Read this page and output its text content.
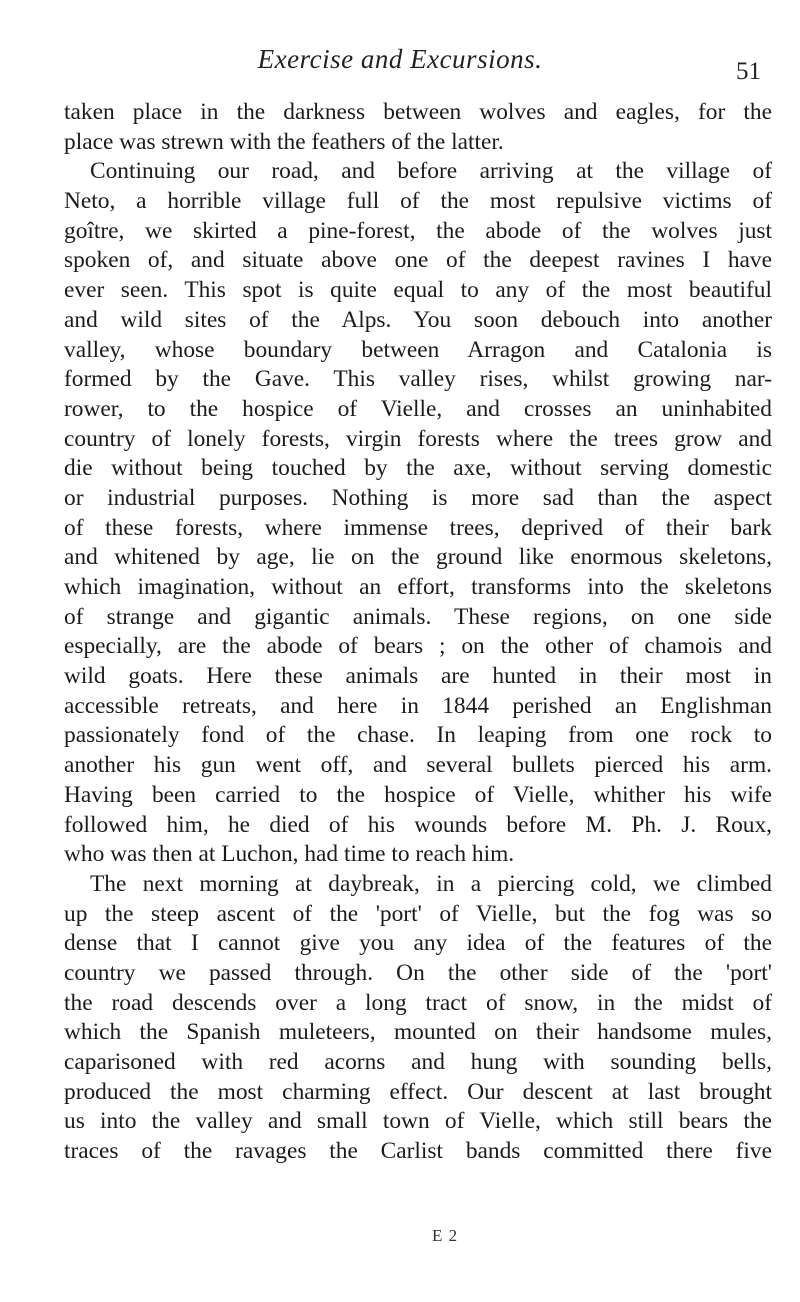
Exercise and Excursions.	51
taken place in the darkness between wolves and eagles, for the
place was strewn with the feathers of the latter.
Continuing our road, and before arriving at the village of
Neto, a horrible village full of the most repulsive victims of
goître, we skirted a pine-forest, the abode of the wolves just
spoken of, and situate above one of the deepest ravines I have
ever seen. This spot is quite equal to any of the most beautiful
and wild sites of the Alps. You soon debouch into another
valley, whose boundary between Arragon and Catalonia is
formed by the Gave. This valley rises, whilst growing nar-
rower, to the hospice of Vielle, and crosses an uninhabited
country of lonely forests, virgin forests where the trees grow and
die without being touched by the axe, without serving domestic
or industrial purposes. Nothing is more sad than the aspect
of these forests, where immense trees, deprived of their bark
and whitened by age, lie on the ground like enormous skeletons,
which imagination, without an effort, transforms into the skeletons
of strange and gigantic animals. These regions, on one side
especially, are the abode of bears ; on the other of chamois and
wild goats. Here these animals are hunted in their most in
accessible retreats, and here in 1844 perished an Englishman
passionately fond of the chase. In leaping from one rock to
another his gun went off, and several bullets pierced his arm.
Having been carried to the hospice of Vielle, whither his wife
followed him, he died of his wounds before M. Ph. J. Roux,
who was then at Luchon, had time to reach him.
The next morning at daybreak, in a piercing cold, we climbed
up the steep ascent of the 'port' of Vielle, but the fog was so
dense that I cannot give you any idea of the features of the
country we passed through. On the other side of the 'port'
the road descends over a long tract of snow, in the midst of
which the Spanish muleteers, mounted on their handsome mules,
caparisoned with red acorns and hung with sounding bells,
produced the most charming effect. Our descent at last brought
us into the valley and small town of Vielle, which still bears the
traces of the ravages the Carlist bands committed there five
E 2
